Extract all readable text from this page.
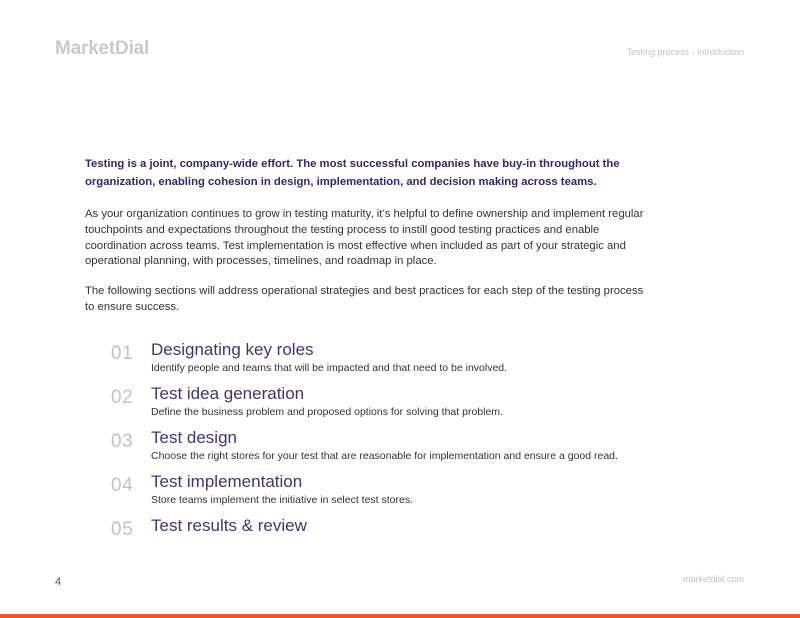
MarketDial	Testing process - Introduction

Testing is a joint, company-wide effort. The most successful companies have buy-in throughout the organization, enabling cohesion in design, implementation, and decision making across teams.

As your organization continues to grow in testing maturity, it’s helpful to define ownership and implement regular touchpoints and expectations throughout the testing process to instill good testing practices and enable coordination across teams. Test implementation is most effective when included as part of your strategic and operational planning, with processes, timelines, and roadmap in place.

The following sections will address operational strategies and best practices for each step of the testing process to ensure success.

01 Designating key roles
Identify people and teams that will be impacted and that need to be involved.
02 Test idea generation
Define the business problem and proposed options for solving that problem.
03 Test design
Choose the right stores for your test that are reasonable for implementation and ensure a good read.
04 Test implementation
Store teams implement the initiative in select test stores.
05 Test results & review
4	marketdial.com
